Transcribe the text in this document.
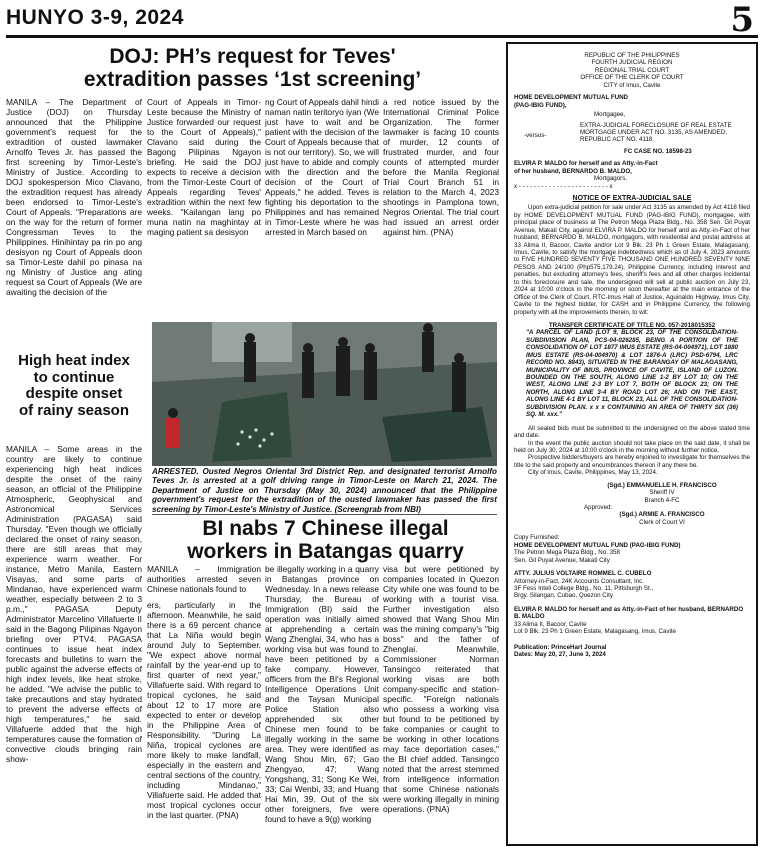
HUNYO 3-9, 2024	5
DOJ: PH’s request for Teves'
extradition passes ‘1st screening’

MANILA – The Department of Justice (DOJ) on Thursday announced that the Philippine government's request for the extradition of ousted lawmaker Arnolfo Teves Jr. has passed the first screening by Timor-Leste's Ministry of Justice. According to DOJ spokesperson Mico Clavano, the extradition request has already been endorsed to Timor-Leste's Court of Appeals. "Preparations are on the way for the return of former Congressman Teves to the Philippines. Hinihintay pa rin po ang desisyon ng Court of Appeals doon sa Timor-Leste dahil po pinasa na ng Ministry of Justice ang ating request sa Court of Appeals (We are awaiting the decision of the

Court of Appeals in Timor-Leste because the Ministry of Justice forwarded our request to the Court of Appeals)," Clavano said during the Bagong Pilipinas Ngayon briefing. He said the DOJ expects to receive a decision from the Timor-Leste Court of Appeals regarding Teves' extradition within the next few weeks. "Kailangan lang po muna natin na maghintay at maging patient sa desisyon

ng Court of Appeals dahil hindi naman natin teritoryo iyan (We just have to wait and be patient with the decision of the Court of Appeals because that is not our territory). So, we will just have to abide and comply with the direction and the decision of the Court of Appeals," he added. Teves is fighting his deportation to the Philippines and has remained in Timor-Leste where he was arrested in March based on

a red notice issued by the International Criminal Police Organization. The former lawmaker is facing 10 counts of murder, 12 counts of frustrated murder, and four counts of attempted murder before the Manila Regional Trial Court Branch 51 in relation to the March 4, 2023 shootings in Pamplona town, Negros Oriental. The trial court had issued an arrest order against him. (PNA)

ARRESTED. Ousted Negros Oriental 3rd District Rep. and designated terrorist Arnolfo Teves Jr. is arrested at a golf driving range in Timor-Leste on March 21, 2024. The Department of Justice on Thursday (May 30, 2024) announced that the Philippine government's request for the extradition of the ousted lawmaker has passed the first screening by Timor-Leste's Ministry of Justice. (Screengrab from NBI)
High heat index
to continue
despite onset
of rainy season

MANILA – Some areas in the country are likely to continue experiencing high heat indices despite the onset of the rainy season, an official of the Philippine Atmospheric, Geophysical and Astronomical Services Administration (PAGASA) said Thursday. "Even though we officially declared the onset of rainy season, there are still areas that may experience warm weather. For instance, Metro Manila, Eastern Visayas, and some parts of Mindanao, have experienced warm weather, especially between 2 to 3 p.m.," PAGASA Deputy Administrator Marcelino Villafuerte II said in the Bagong Pilipinas Ngayon briefing over PTV4. PAGASA continues to issue heat index forecasts and bulletins to warn the public against the adverse effects of high index levels, like heat stroke, he added. "We advise the public to take precautions and stay hydrated to prevent the adverse effects of high temperatures," he said. Villafuerte added that the high temperatures cause the formation of convective clouds bringing rain show-

BI nabs 7 Chinese illegal
workers in Batangas quarry

MANILA – Immigration authorities arrested seven Chinese nationals found to

ers, particularly in the afternoon. Meanwhile, he said there is a 69 percent chance that La Niña would begin around July to September. "We expect above normal rainfall by the year-end up to first quarter of next year," Villafuerte said. With regard to tropical cyclones, he said about 12 to 17 more are expected to enter or develop in the Philippine Area of Responsibility. "During La Niña, tropical cyclones are more likely to make landfall, especially in the eastern and central sections of the country, including Mindanao," Villafuerte said. He added that most tropical cyclones occur in the last quarter. (PNA)

be illegally working in a quarry in Batangas province on Wednesday. In a news release Thursday, the Bureau of Immigration (BI) said the operation was initially aimed at apprehending a certain Wang Zhenglai, 34, who has a working visa but was found to have been petitioned by a fake company. However, officers from the BI's Regional Intelligence Operations Unit and the Taysan Municipal Police Station also apprehended six other Chinese men found to be illegally working in the same area. They were identified as Wang Shou Min, 67; Gao Zhengyao, 47; Wang Yongshang, 31; Song Ke Wei, 33; Cai Wenbi, 33; and Huang Hai Min, 39. Out of the six other foreigners, five were found to have a 9(g) working

visa but were petitioned by companies located in Quezon City while one was found to be working with a tourist visa. Further investigation also showed that Wang Shou Min was the mining company's "big boss" and the father of Zhenglai. Meanwhile, Commissioner Norman Tansingco reiterated that working visas are both company-specific and station-specific. "Foreign nationals who possess a working visa but found to be petitioned by fake companies or caught to be working in other locations may face deportation cases," the BI chief added. Tansingco noted that the arrest stemmed from intelligence information that some Chinese nationals were working illegally in mining operations. (PNA)

REPUBLIC OF THE PHILIPPINES
FOURTH JUDICIAL REGION
REGIONAL TRIAL COURT
OFFICE OF THE CLERK OF COURT
CITY of Imus, Cavite
HOME DEVELOPMENT MUTUAL FUND (PAG-IBIG FUND),
Mortgagee,
-versus-
EXTRA-JUDICIAL FORECLOSURE OF REAL ESTATE MORTGAGE UNDER ACT NO. 3135, AS AMENDED, REPUBLIC ACT NO. 4118
FC CASE NO. 18598-23
ELVIRA P. MALDO for herself and as Atty.-in-Fact of her husband, BERNARDO B. MALDO,
Mortgagors.
x - - - - - - - - - - - - - - - - - - - - - - - - x
NOTICE OF EXTRA-JUDICIAL SALE
Upon extra-judicial petition for sale under Act 3135 as amended by Act 4118 filed by HOME DEVELOPMENT MUTUAL FUND (PAG-IBIG FUND), mortgagee, with principal place of business at The Petron Mega Plaza Bldg., No. 358 Sen. Gil Puyat Avenue, Makati City, against ELVIRA P. MALDO for herself and as Atty.-in-Fact of her husband, BERNARDO B. MALDO, mortgagors, with residential and postal address at 33 Alima II, Bacoor, Cavite and/or Lot 9 Blk. 23 Ph 1 Green Estate, Malagasang, Imus, Cavite, to satisfy the mortgage indebtedness which as of July 4, 2023 amounts to FIVE HUNDRED SEVENTY FIVE THOUSAND ONE HUNDRED SEVENTY NINE PESOS AND 24/100 (Php575,179.24), Philippine Currency, including interest and penalties, but excluding attorney's fees, sheriff's fees and all other charges incidental to this foreclosure and sale, the undersigned will sell at public auction on July 23, 2024 at 10:00 o'clock in the morning or soon thereafter at the main entrance of the Office of the Clerk of Court, RTC-Imus Hall of Justice, Aguinaldo Highway, Imus City, Cavite to the highest bidder, for CASH and in Philippine Currency, the following property with all the improvements therein, to wit:
TRANSFER CERTIFICATE OF TITLE NO. 057-2018015352
"A PARCEL OF LAND (LOT 9, BLOCK 23, OF THE CONSOLIDATION-SUBDIVISION PLAN, PCS-04-026285, BEING A PORTION OF THE CONSOLIDATION OF LOT 1877 IMUS ESTATE (RS-04-004971), LOT 1880 IMUS ESTATE (RS-04-004970) & LOT 1876-A (LRC) PSD-6794, LRC RECORD NO. 8843), SITUATED IN THE BARANGAY OF MALAGASANG, MUNICIPALITY OF IMUS, PROVINCE OF CAVITE, ISLAND OF LUZON. BOUNDED ON THE SOUTH, ALONG LINE 1-2 BY LOT 10; ON THE WEST, ALONG LINE 2-3 BY LOT 7, BOTH OF BLOCK 23; ON THE NORTH, ALONG LINE 3-4 BY ROAD LOT 26; AND ON THE EAST, ALONG LINE 4-1 BY LOT 11, BLOCK 23, ALL OF THE CONSOLIDATION-SUBDIVISION PLAN. x x x CONTAINING AN AREA OF THIRTY SIX (36) SQ. M. xxx."
All sealed bids must be submitted to the undersigned on the above stated time and date.
In the event the public auction should not take place on the said date, it shall be held on July 30, 2024 at 10:00 o'clock in the morning without further notice.
Prospective bidders/buyers are hereby enjoined to investigate for themselves the title to the said property and encumbrances thereon if any there be.
City of Imus, Cavite, Philippines, May 13, 2024.
(Sgd.) EMMANUELLE H. FRANCISCO
Sheriff IV
Branch 4-FC
Approved:
(Sgd.) ARMIE A. FRANCISCO
Clerk of Court VI
Copy Furnished:
HOME DEVELOPMENT MUTUAL FUND (PAG-IBIG FUND)
The Petron Mega Plaza Bldg., No. 358
Sen. Gil Puyat Avenue, Makati City
ATTY. JULIUS VOLTAIRE ROMMEL C. CUBELO
Attorney-in-Fact, 24K Accounts Consultant, Inc.
3F Fess Inteli College Bldg., No. 11, Pittsburgh St.,
Brgy. Silangan, Cubao, Quezon City
ELVIRA P. MALDO for herself and as Atty.-in-Fact of her husband, BERNARDO B. MALDO
33 Alima II, Bacoor, Cavite
Lot 9 Blk. 23 Ph 1 Green Estate, Malagasang, Imus, Cavite
Publication: PrinceHart Journal
Dates: May 20, 27, June 3, 2024
